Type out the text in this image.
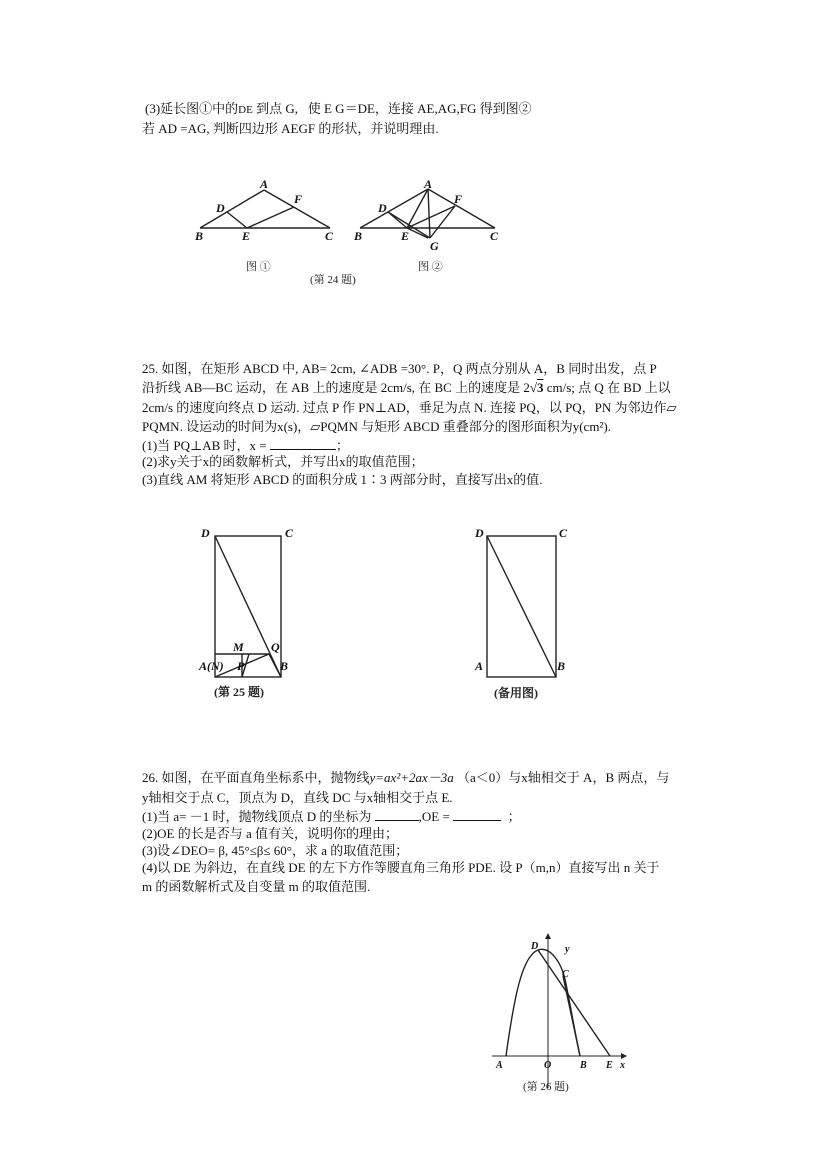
(3)延长图①中的DE 到点 G, 使 E G＝DE，连接 AE,AG,FG 得到图②
若 AD =AG, 判断四边形 AEGF 的形状，并说明理由.
A
D
F
B	E	C
图 ①
A
D
F
B	E
G
C
图 ②
(第 24 题)
25. 如图，在矩形 ABCD 中, AB= 2cm, ∠ADB =30°. P，Q 两点分别从 A，B 同时出发，点 P
沿折线 AB—BC 运动，在 AB 上的速度是 2cm/s, 在 BC 上的速度是 2√3 cm/s; 点 Q 在 BD 上以
2cm/s 的速度向终点 D 运动. 过点 P 作 PN⊥AD，垂足为点 N. 连接 PQ，以 PQ，PN 为邻边作▱
PQMN. 设运动的时间为x(s)，▱PQMN 与矩形 ABCD 重叠部分的图形面积为y(cm²).
(1)当 PQ⊥AB 时，x =	；
(2)求y关于x的函数解析式，并写出x的取值范围；
(3)直线 AM 将矩形 ABCD 的面积分成 1∶3 两部分时，直接写出x的值.
D	C
M Q
A(N) P	B
(第 25 题)
D	C
A	B
(备用图)
26. 如图，在平面直角坐标系中，抛物线y=ax²+2ax－3a （a＜0）与x轴相交于 A，B 两点，与
y轴相交于点 C，顶点为 D，直线 DC 与x轴相交于点 E.
(1)当 a= －1 时，抛物线顶点 D 的坐标为	,OE =	；
(2)OE 的长是否与 a 值有关，说明你的理由；
(3)设∠DEO= β, 45°≤β≤ 60°，求 a 的取值范围；
(4)以 DE 为斜边，在直线 DE 的左下方作等腰直角三角形 PDE. 设 P（m,n）直接写出 n 关于
m 的函数解析式及自变量 m 的取值范围.
D	y
C
A	O	B E x
(第 26 题)
